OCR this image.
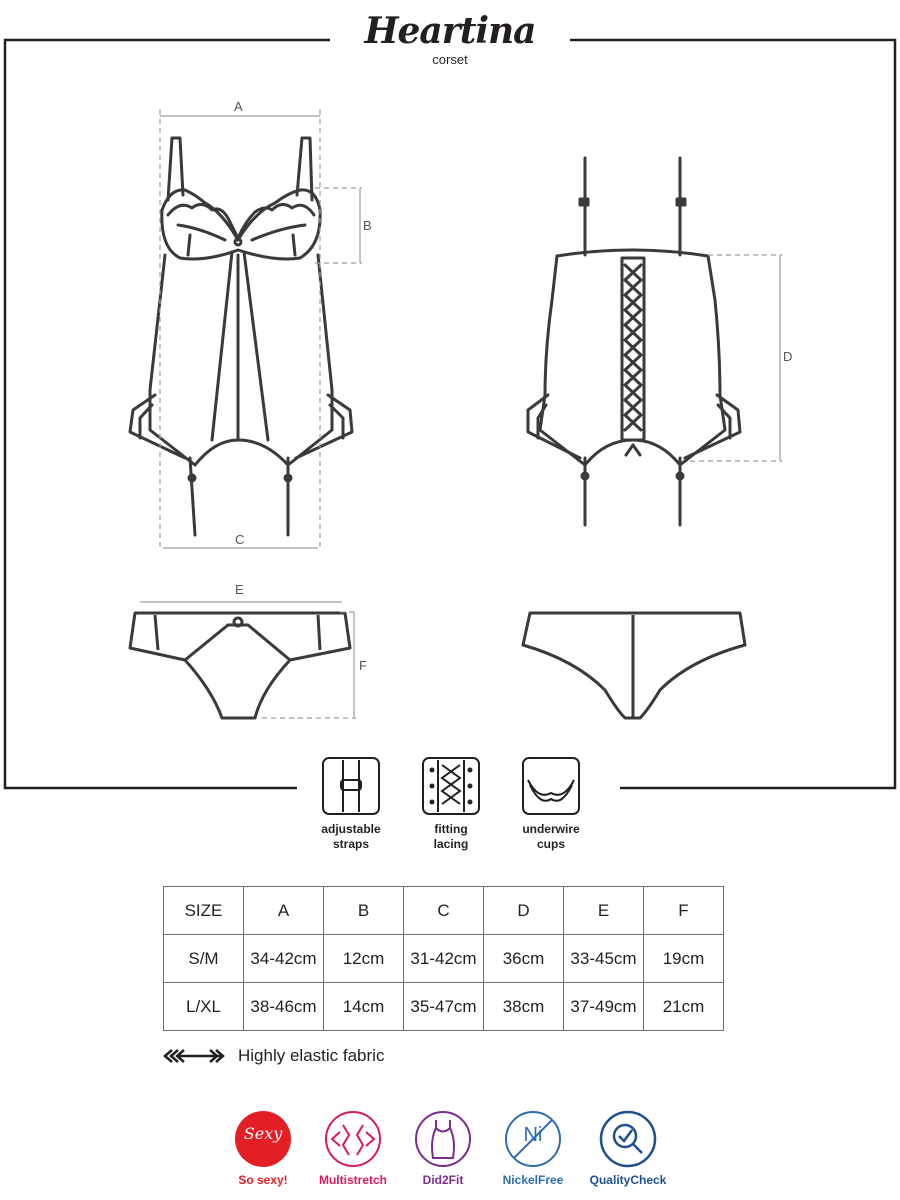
Heartina
corset
A
B
C
D
E
F
adjustable
straps
fitting
lacing
underwire
cups
SIZE	A	B	C	D	E	F
S/M	34-42cm	12cm	31-42cm	36cm	33-45cm	19cm
L/XL	38-46cm	14cm	35-47cm	38cm	37-49cm	21cm
Highly elastic fabric
Sexy	Ni
So sexy!	Multistretch	Did2Fit	NickelFree	QualityCheck
